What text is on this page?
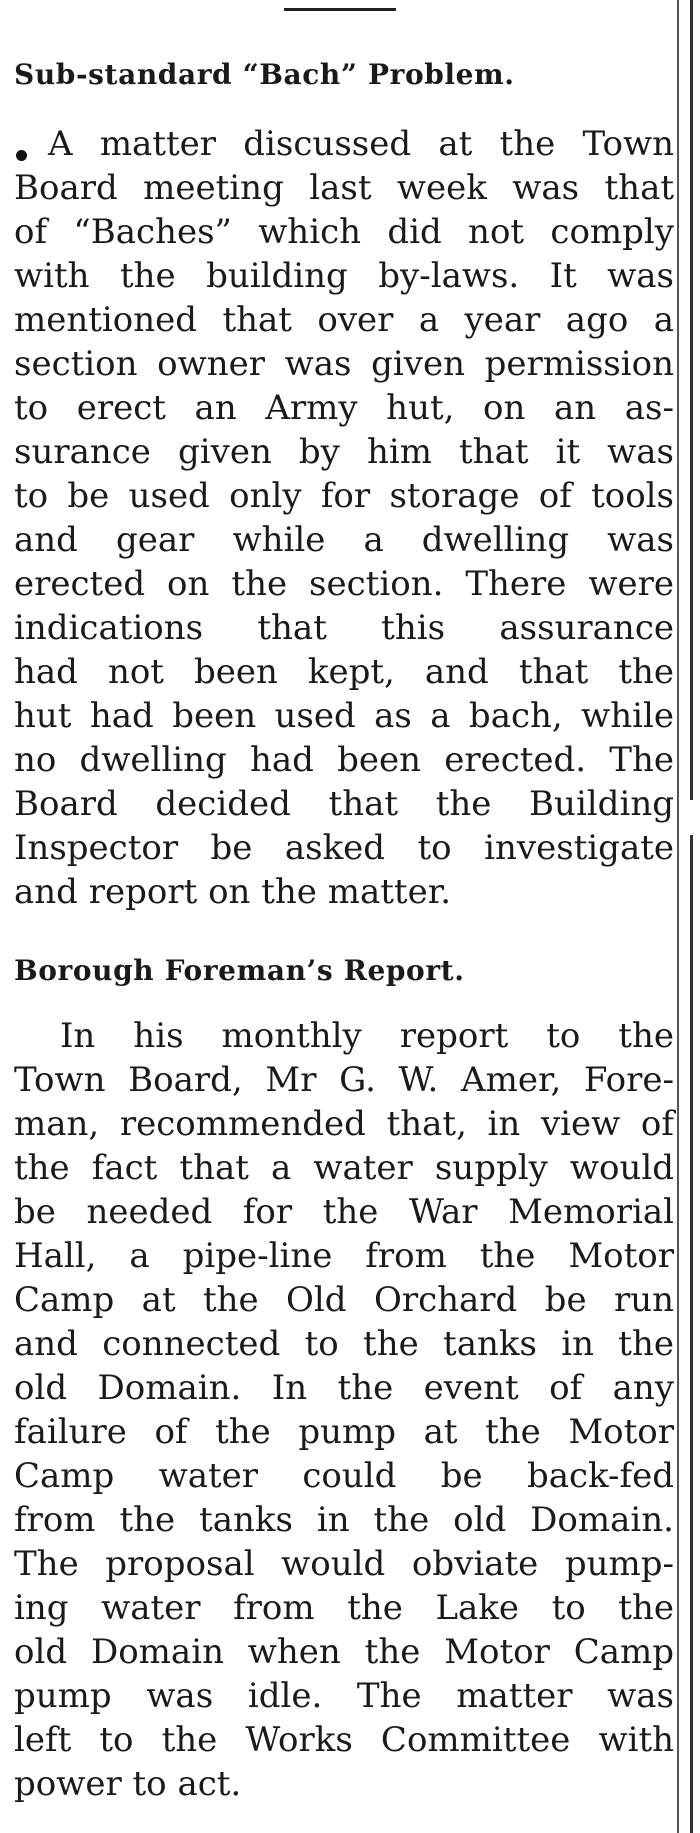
Sub-standard “Bach” Problem.
A matter discussed at the Town
Board meeting last week was that
of “Baches” which did not comply
with the building by-laws. It was
mentioned that over a year ago a
section owner was given permission
to erect an Army hut, on an as-
surance given by him that it was
to be used only for storage of tools
and gear while a dwelling was
erected on the section. There were
indications that this assurance
had not been kept, and that the
hut had been used as a bach, while
no dwelling had been erected. The
Board decided that the Building
Inspector be asked to investigate
and report on the matter.
Borough Foreman’s Report.
In his monthly report to the
Town Board, Mr G. W. Amer, Fore-
man, recommended that, in view of
the fact that a water supply would
be needed for the War Memorial
Hall, a pipe-line from the Motor
Camp at the Old Orchard be run
and connected to the tanks in the
old Domain. In the event of any
failure of the pump at the Motor
Camp water could be back-fed
from the tanks in the old Domain.
The proposal would obviate pump-
ing water from the Lake to the
old Domain when the Motor Camp
pump was idle. The matter was
left to the Works Committee with
power to act.
